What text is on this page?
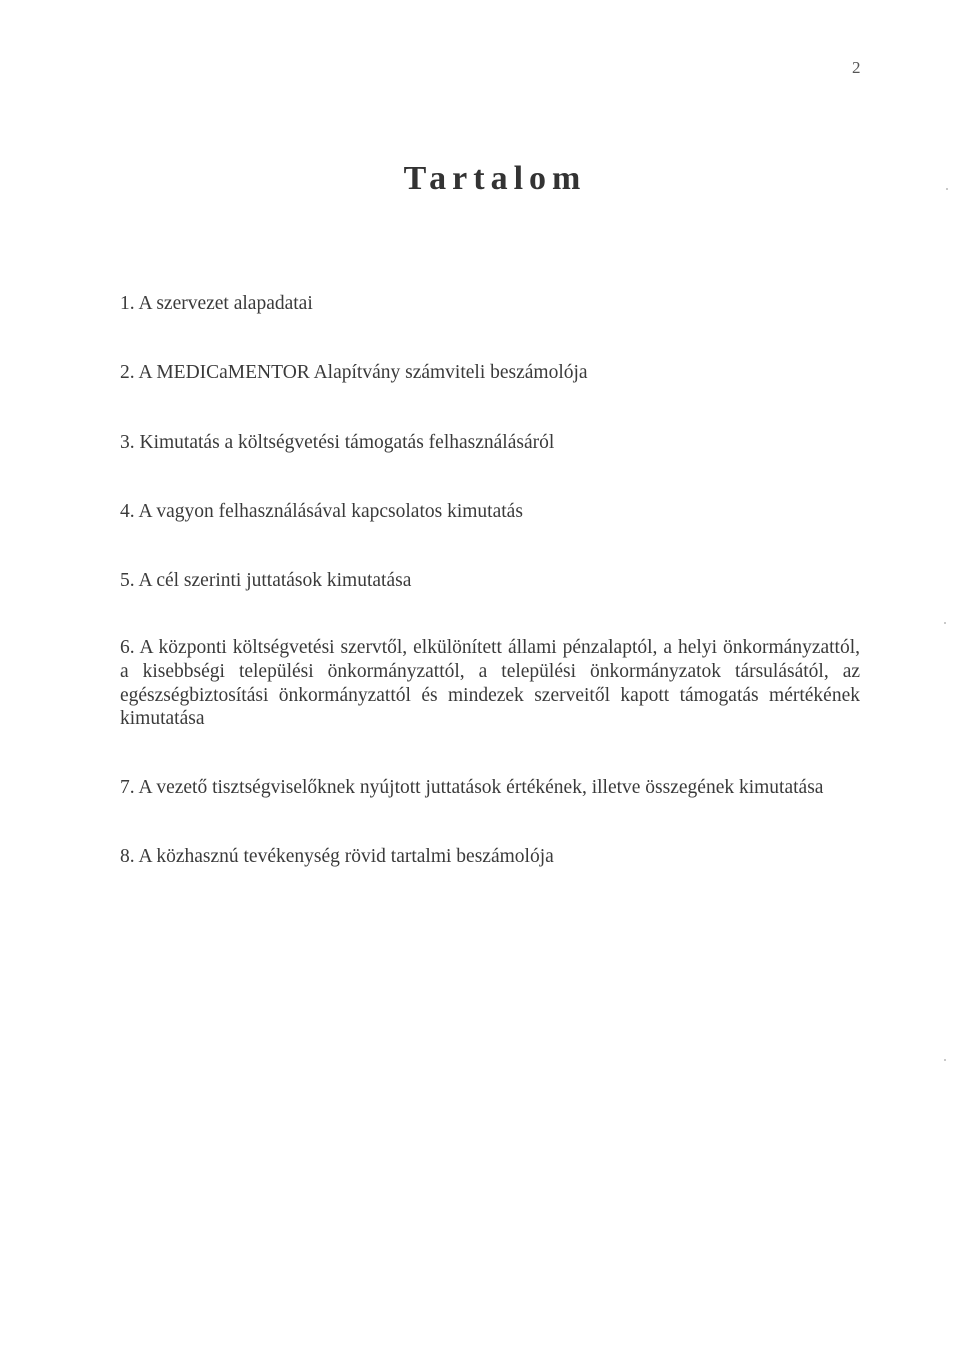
2
Tartalom
1. A szervezet alapadatai
2. A MEDICaMENTOR Alapítvány számviteli beszámolója
3. Kimutatás a költségvetési támogatás felhasználásáról
4. A vagyon felhasználásával kapcsolatos kimutatás
5. A cél szerinti juttatások kimutatása
6. A központi költségvetési szervtől, elkülönített állami pénzalaptól, a helyi önkormányzattól, a kisebbségi települési önkormányzattól, a települési önkormányzatok társulásától, az egészségbiztosítási önkormányzattól és mindezek szerveitől kapott támogatás mértékének kimutatása
7. A vezető tisztségviselőknek nyújtott juttatások értékének, illetve összegének kimutatása
8. A közhasznú tevékenység rövid tartalmi beszámolója
